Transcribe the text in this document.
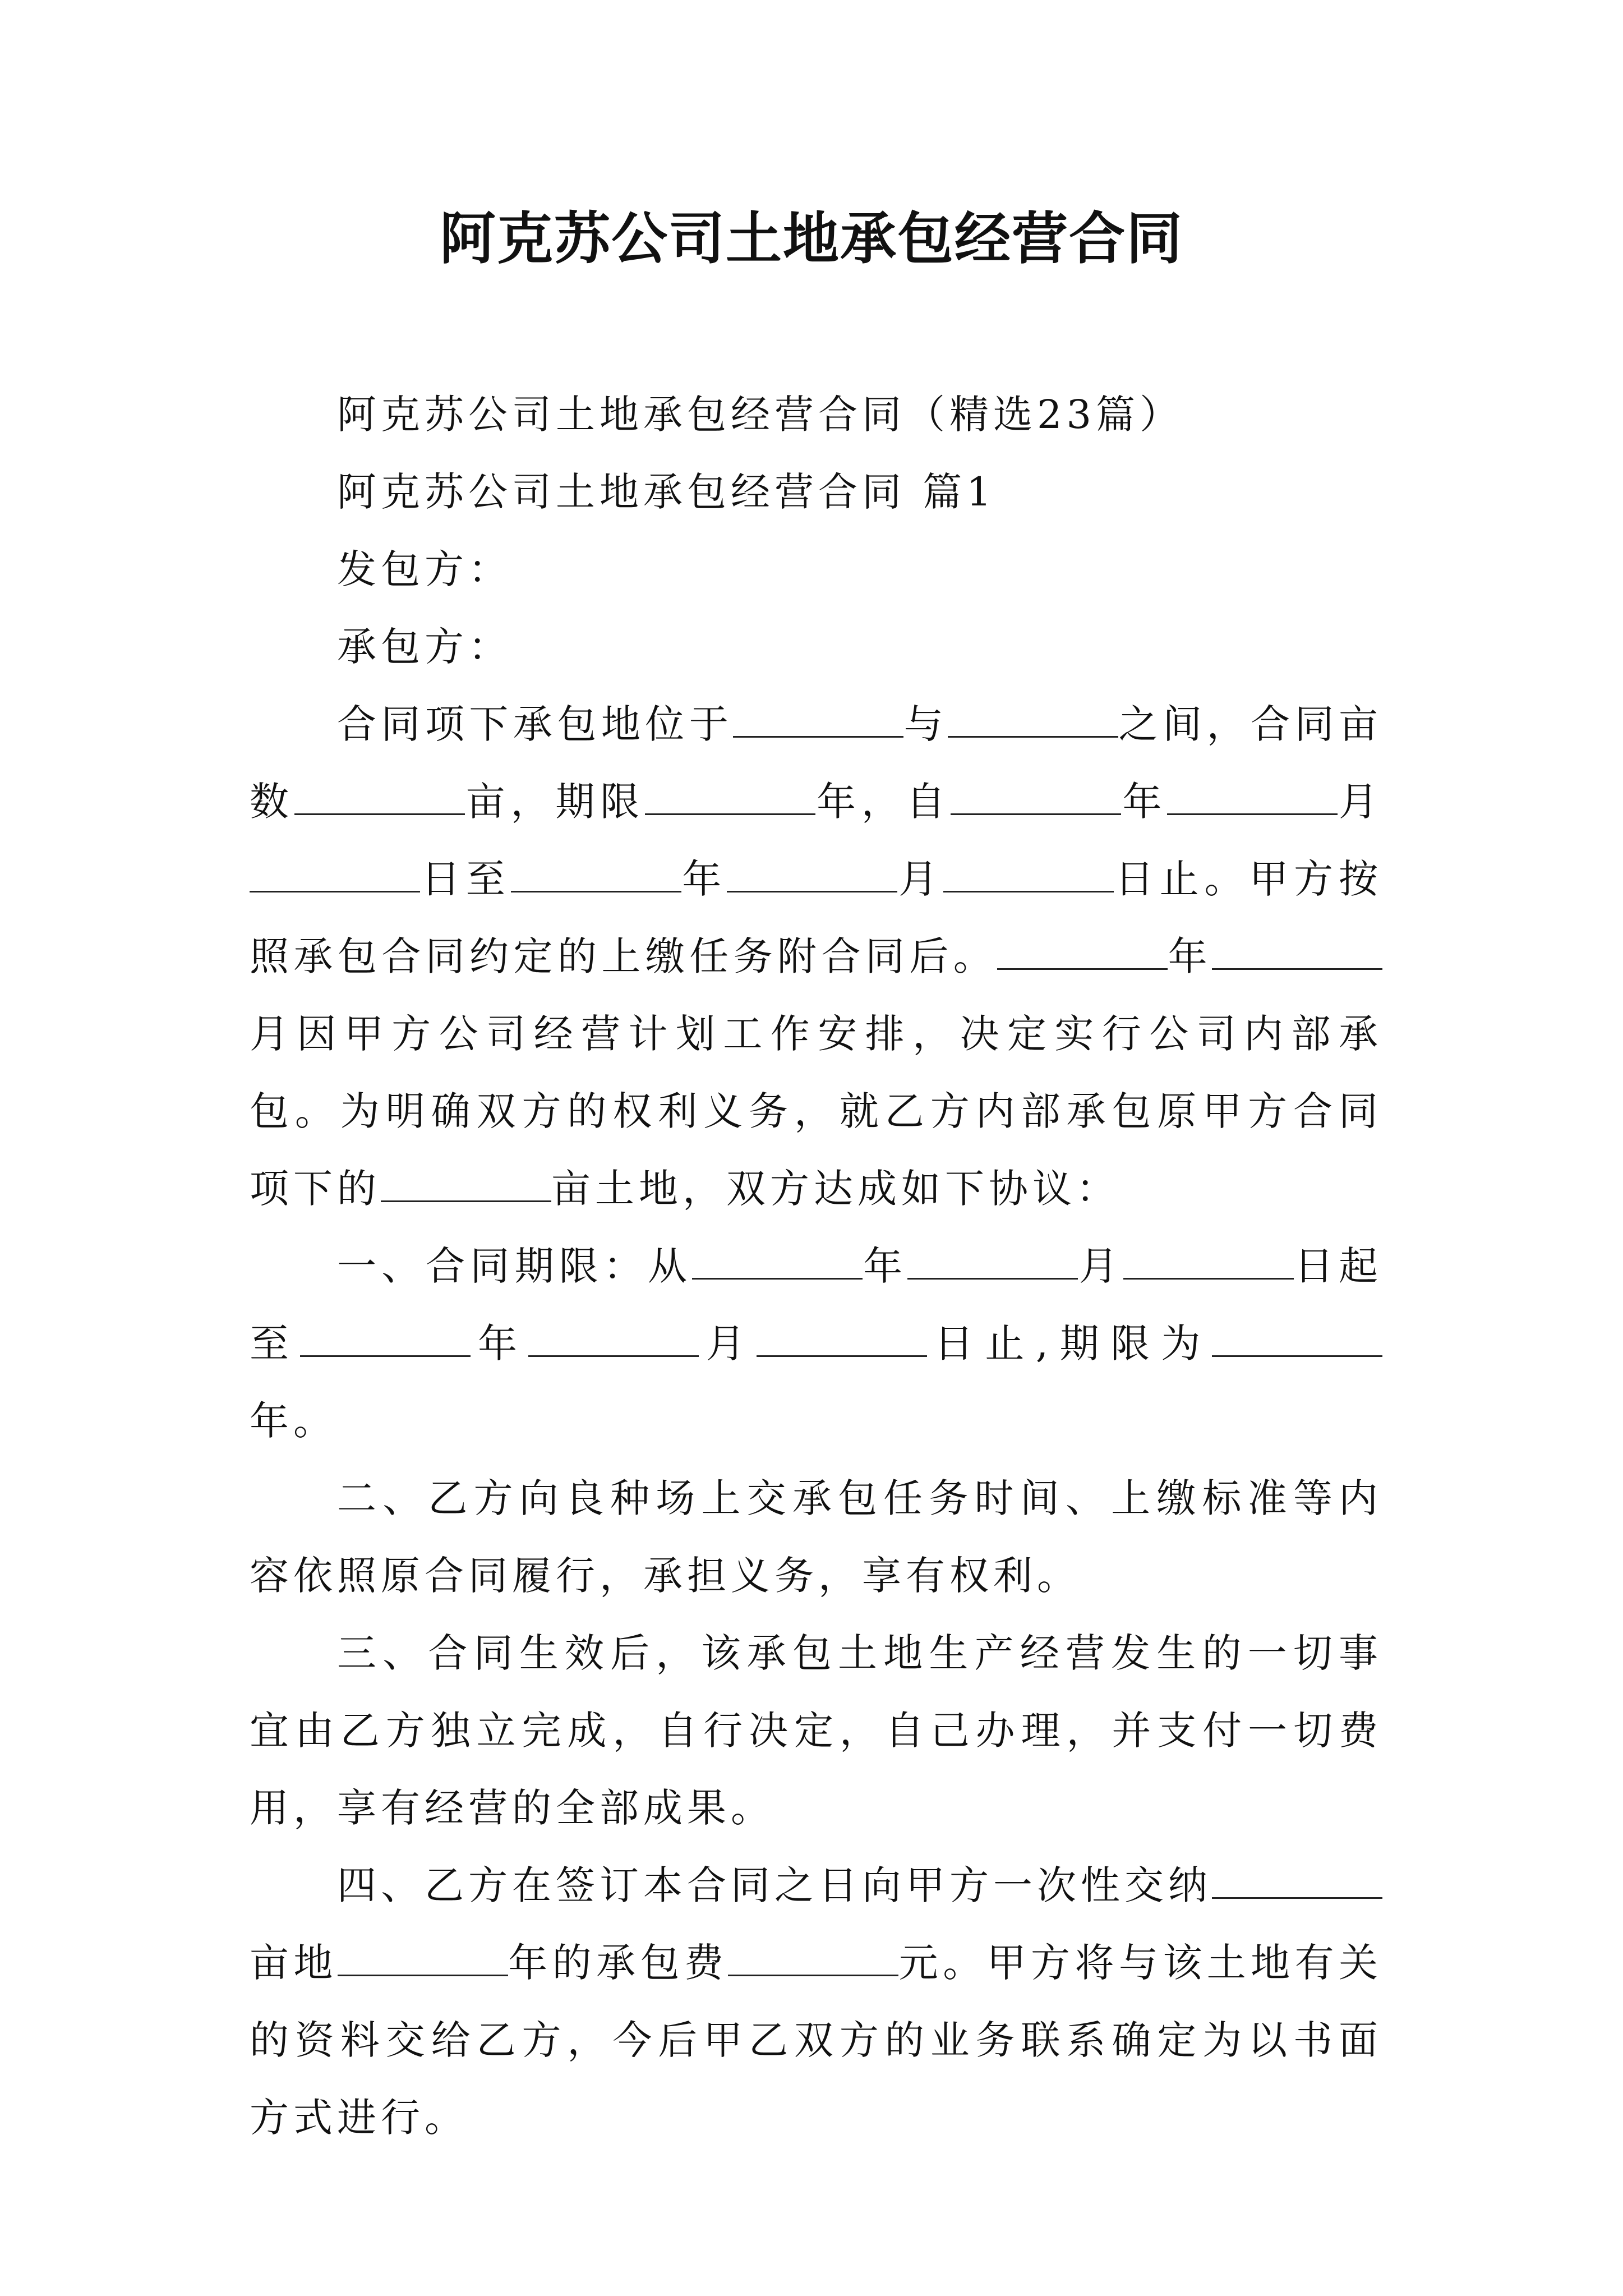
阿克苏公司土地承包经营合同

阿克苏公司土地承包经营合同（精选23篇）

阿克苏公司土地承包经营合同 篇1

发包方：

承包方：

合同项下承包地位于	与	之间，合同亩数	亩，期限	年，自	年	月日至	年	月	日止。甲方按照承包合同约定的上缴任务附合同后。	年月因甲方公司经营计划工作安排，决定实行公司内部承包。为明确双方的权利义务，就乙方内部承包原甲方合同项下的	亩土地，双方达成如下协议：

一、合同期限：从	年	月	日起至	年	月	日止,期限为年。

二、乙方向良种场上交承包任务时间、上缴标准等内容依照原合同履行，承担义务，享有权利。

三、合同生效后，该承包土地生产经营发生的一切事宜由乙方独立完成，自行决定，自己办理，并支付一切费用，享有经营的全部成果。

四、乙方在签订本合同之日向甲方一次性交纳亩地	年的承包费	元。甲方将与该土地有关的资料交给乙方，今后甲乙双方的业务联系确定为以书面方式进行。
